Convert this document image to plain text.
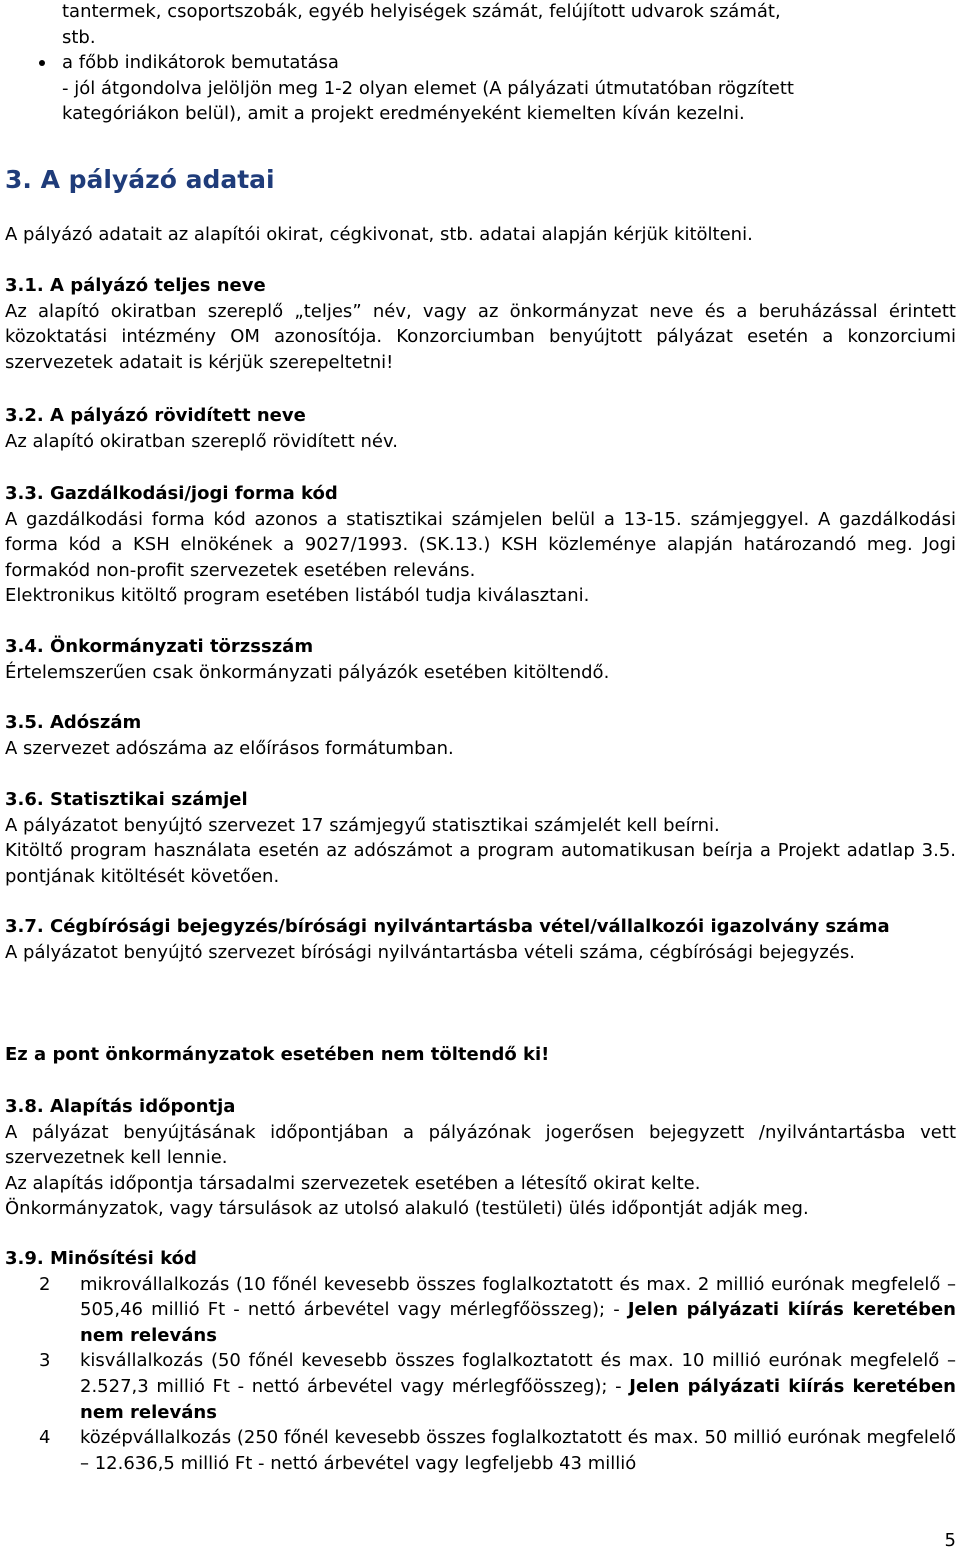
tantermek, csoportszobák, egyéb helyiségek számát, felújított udvarok számát,

stb.

a főbb indikátorok bemutatása

- jól átgondolva jelöljön meg 1-2 olyan elemet (A pályázati útmutatóban rögzített

kategóriákon belül), amit a projekt eredményeként kiemelten kíván kezelni.

3. A pályázó adatai

A pályázó adatait az alapítói okirat, cégkivonat, stb. adatai alapján kérjük kitölteni.

3.1. A pályázó teljes neve

Az alapító okiratban szereplő „teljes” név, vagy az önkormányzat neve és a beruházással érintett közoktatási intézmény OM azonosítója. Konzorciumban benyújtott pályázat esetén a konzorciumi szervezetek adatait is kérjük szerepeltetni!

3.2. A pályázó rövidített neve

Az alapító okiratban szereplő rövidített név.

3.3. Gazdálkodási/jogi forma kód

A gazdálkodási forma kód azonos a statisztikai számjelen belül a 13-15. számjeggyel. A gazdálkodási forma kód a KSH elnökének a 9027/1993. (SK.13.) KSH közleménye alapján határozandó meg. Jogi formakód non-profit szervezetek esetében releváns.

Elektronikus kitöltő program esetében listából tudja kiválasztani.

3.4. Önkormányzati törzsszám

Értelemszerűen csak önkormányzati pályázók esetében kitöltendő.

3.5. Adószám

A szervezet adószáma az előírásos formátumban.

3.6. Statisztikai számjel

A pályázatot benyújtó szervezet 17 számjegyű statisztikai számjelét kell beírni.

Kitöltő program használata esetén az adószámot a program automatikusan beírja a Projekt adatlap 3.5. pontjának kitöltését követően.

3.7. Cégbírósági bejegyzés/bírósági nyilvántartásba vétel/vállalkozói igazolvány száma

A pályázatot benyújtó szervezet bírósági nyilvántartásba vételi száma, cégbírósági bejegyzés.

Ez a pont önkormányzatok esetében nem töltendő ki!

3.8. Alapítás időpontja

A pályázat benyújtásának időpontjában a pályázónak jogerősen bejegyzett /nyilvántartásba vett szervezetnek kell lennie.

Az alapítás időpontja társadalmi szervezetek esetében a létesítő okirat kelte.

Önkormányzatok, vagy társulások az utolsó alakuló (testületi) ülés időpontját adják meg.

3.9. Minősítési kód

2 mikrovállalkozás (10 főnél kevesebb összes foglalkoztatott és max. 2 millió eurónak megfelelő – 505,46 millió Ft - nettó árbevétel vagy mérlegfőösszeg); - Jelen pályázati kiírás keretében nem releváns

3 kisvállalkozás (50 főnél kevesebb összes foglalkoztatott és max. 10 millió eurónak megfelelő – 2.527,3 millió Ft - nettó árbevétel vagy mérlegfőösszeg); - Jelen pályázati kiírás keretében nem releváns

4 középvállalkozás (250 főnél kevesebb összes foglalkoztatott és max. 50 millió eurónak megfelelő – 12.636,5 millió Ft - nettó árbevétel vagy legfeljebb 43 millió

5
